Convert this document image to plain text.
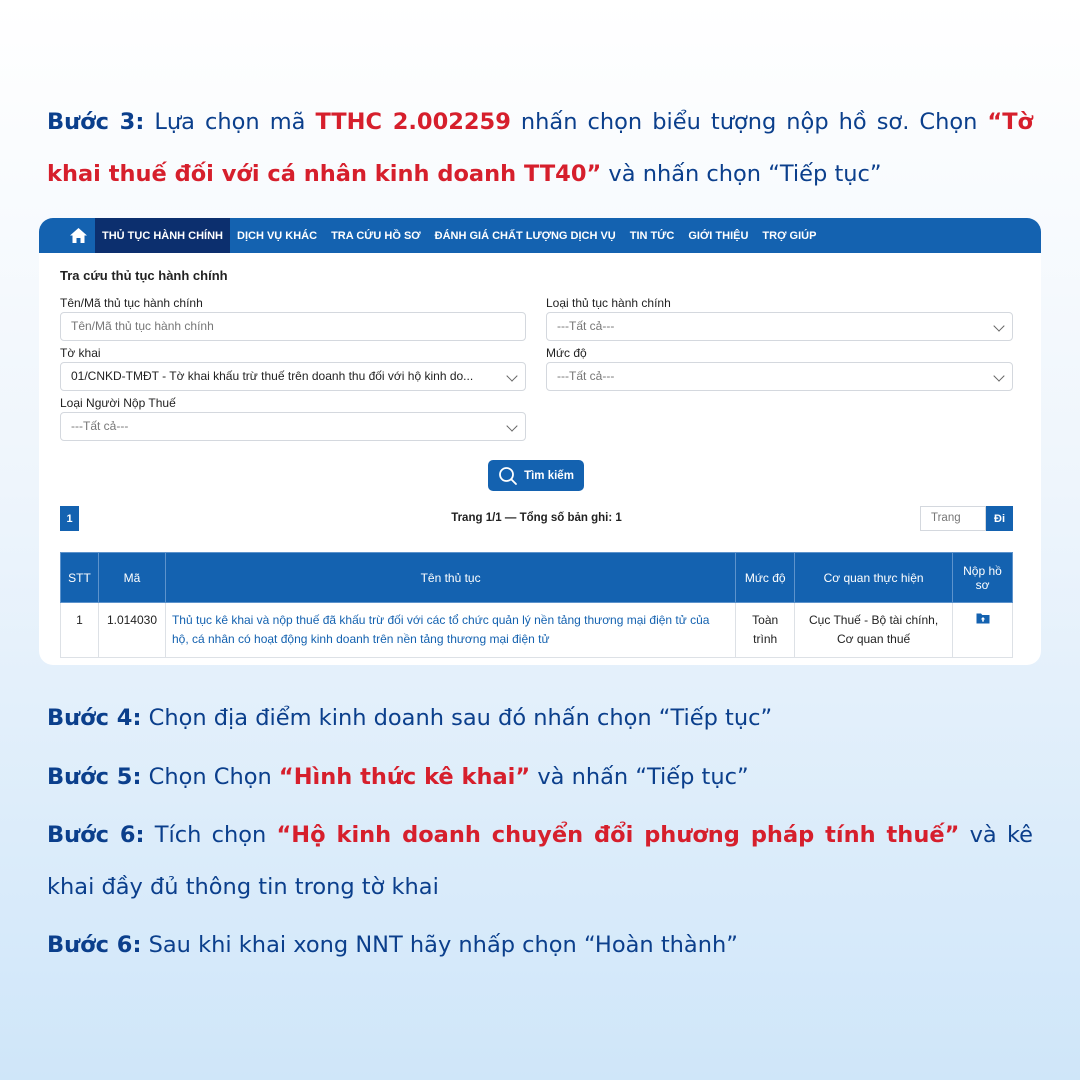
Bước 3: Lựa chọn mã TTHC 2.002259 nhấn chọn biểu tượng nộp hồ sơ. Chọn “Tờ khai thuế đối với cá nhân kinh doanh TT40” và nhấn chọn “Tiếp tục”
THỦ TỤC HÀNH CHÍNH	DỊCH VỤ KHÁC	TRA CỨU HỒ SƠ	ĐÁNH GIÁ CHẤT LƯỢNG DỊCH VỤ	TIN TỨC	GIỚI THIỆU	TRỢ GIÚP
Tra cứu thủ tục hành chính
Tên/Mã thủ tục hành chính
Tên/Mã thủ tục hành chính
Loại thủ tục hành chính
---Tất cả---
Tờ khai
01/CNKD-TMĐT - Tờ khai khấu trừ thuế trên doanh thu đối với hộ kinh do...
Mức độ
---Tất cả---
Loại Người Nộp Thuế
---Tất cả---
Tìm kiếm
Trang 1/1 — Tổng số bản ghi: 1
1	Trang	Đi
STT	Mã	Tên thủ tục	Mức độ	Cơ quan thực hiện	Nộp hồ sơ
1	1.014030	Thủ tục kê khai và nộp thuế đã khấu trừ đối với các tổ chức quản lý nền tảng thương mại điện tử của hộ, cá nhân có hoạt động kinh doanh trên nền tảng thương mại điện tử	Toàn trình	Cục Thuế - Bộ tài chính, Cơ quan thuế	
Bước 4: Chọn địa điểm kinh doanh sau đó nhấn chọn “Tiếp tục”
Bước 5: Chọn Chọn “Hình thức kê khai” và nhấn “Tiếp tục”
Bước 6: Tích chọn “Hộ kinh doanh chuyển đổi phương pháp tính thuế” và kê khai đầy đủ thông tin trong tờ khai
Bước 6: Sau khi khai xong NNT hãy nhấp chọn “Hoàn thành”
